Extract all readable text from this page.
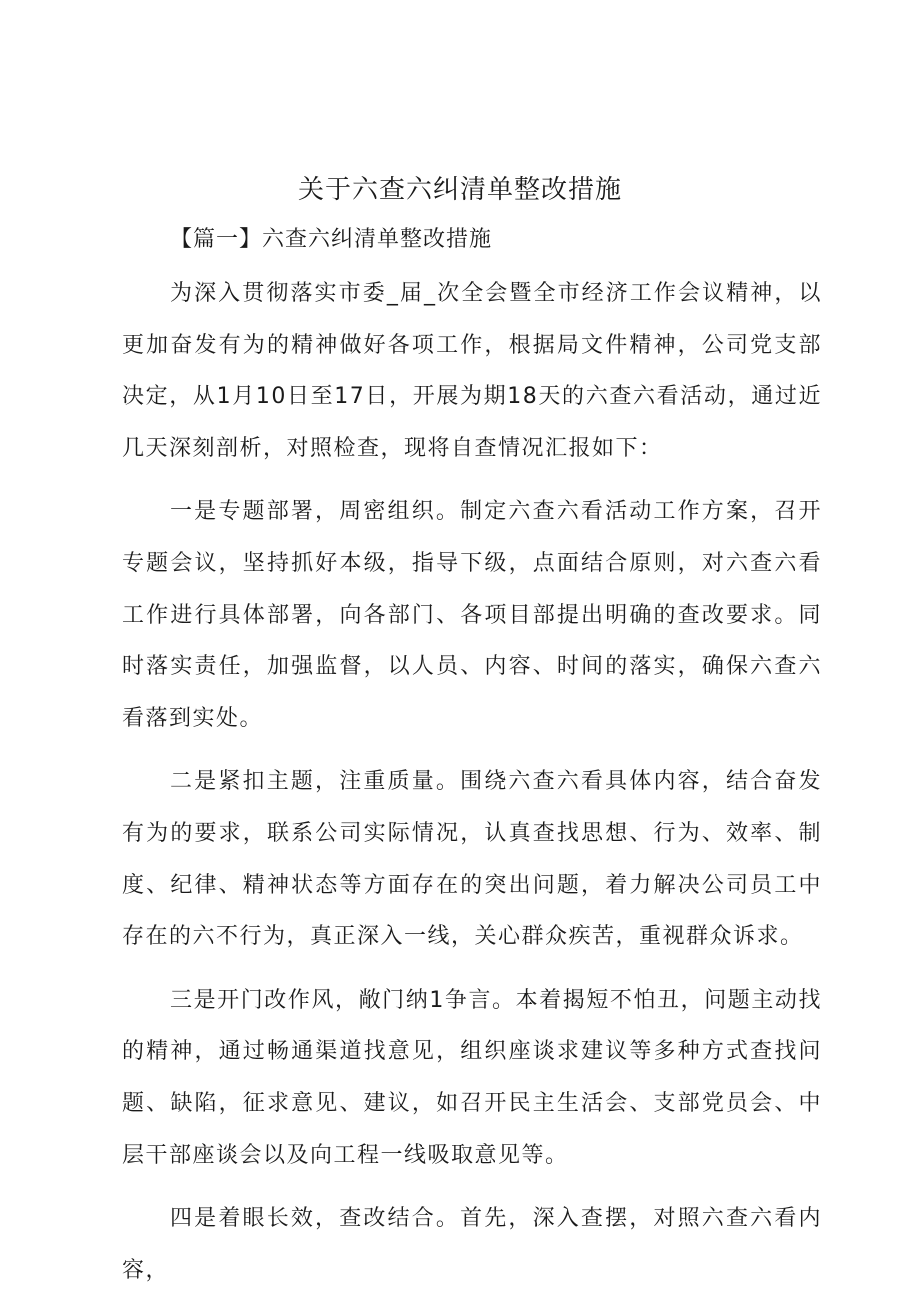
关于六查六纠清单整改措施
【篇一】六查六纠清单整改措施

为深入贯彻落实市委_届_次全会暨全市经济工作会议精神，以更加奋发有为的精神做好各项工作，根据局文件精神，公司党支部决定，从1月10日至17日，开展为期18天的六查六看活动，通过近几天深刻剖析，对照检查，现将自查情况汇报如下：

一是专题部署，周密组织。制定六查六看活动工作方案，召开专题会议，坚持抓好本级，指导下级，点面结合原则，对六查六看工作进行具体部署，向各部门、各项目部提出明确的查改要求。同时落实责任，加强监督，以人员、内容、时间的落实，确保六查六看落到实处。

二是紧扣主题，注重质量。围绕六查六看具体内容，结合奋发有为的要求，联系公司实际情况，认真查找思想、行为、效率、制度、纪律、精神状态等方面存在的突出问题，着力解决公司员工中存在的六不行为，真正深入一线，关心群众疾苦，重视群众诉求。

三是开门改作风，敞门纳1争言。本着揭短不怕丑，问题主动找的精神，通过畅通渠道找意见，组织座谈求建议等多种方式查找问题、缺陷，征求意见、建议，如召开民主生活会、支部党员会、中层干部座谈会以及向工程一线吸取意见等。

四是着眼长效，查改结合。首先，深入查摆，对照六查六看内容，
